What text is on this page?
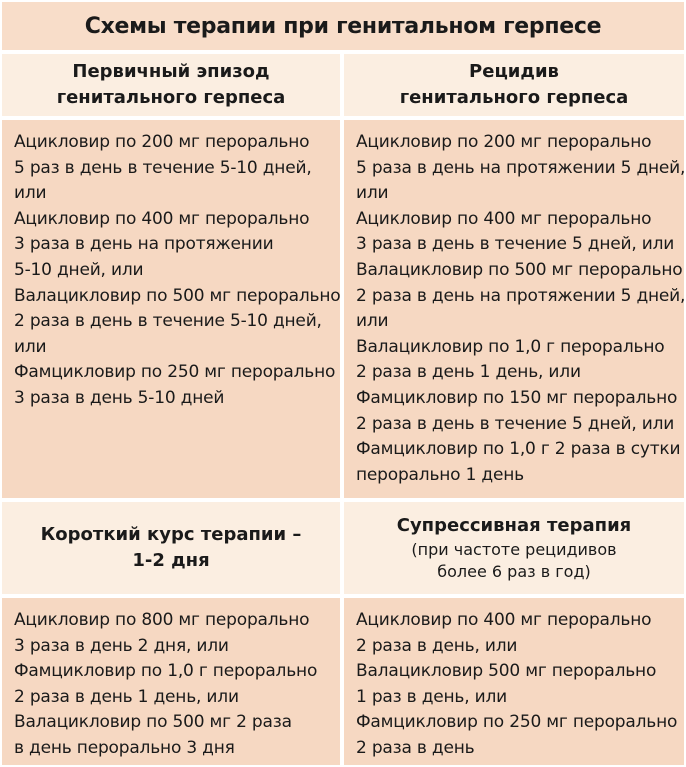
Схемы терапии при генитальном герпесе
Первичный эпизод
генитального герпеса
Рецидив
генитального герпеса
Ацикловир по 200 мг перорально
5 раз в день в течение 5-10 дней,
или
Ацикловир по 400 мг перорально
3 раза в день на протяжении
5-10 дней, или
Валацикловир по 500 мг перорально
2 раза в день в течение 5-10 дней,
или
Фамцикловир по 250 мг перорально
3 раза в день 5-10 дней
Ацикловир по 200 мг перорально
5 раза в день на протяжении 5 дней,
или
Ацикловир по 400 мг перорально
3 раза в день в течение 5 дней, или
Валацикловир по 500 мг перорально
2 раза в день на протяжении 5 дней,
или
Валацикловир по 1,0 г перорально
2 раза в день 1 день, или
Фамцикловир по 150 мг перорально
2 раза в день в течение 5 дней, или
Фамцикловир по 1,0 г 2 раза в сутки
перорально 1 день
Короткий курс терапии –
1-2 дня
Супрессивная терапия
(при частоте рецидивов
более 6 раз в год)
Ацикловир по 800 мг перорально
3 раза в день 2 дня, или
Фамцикловир по 1,0 г перорально
2 раза в день 1 день, или
Валацикловир по 500 мг 2 раза
в день перорально 3 дня
Ацикловир по 400 мг перорально
2 раза в день, или
Валацикловир 500 мг перорально
1 раз в день, или
Фамцикловир по 250 мг перорально
2 раза в день
